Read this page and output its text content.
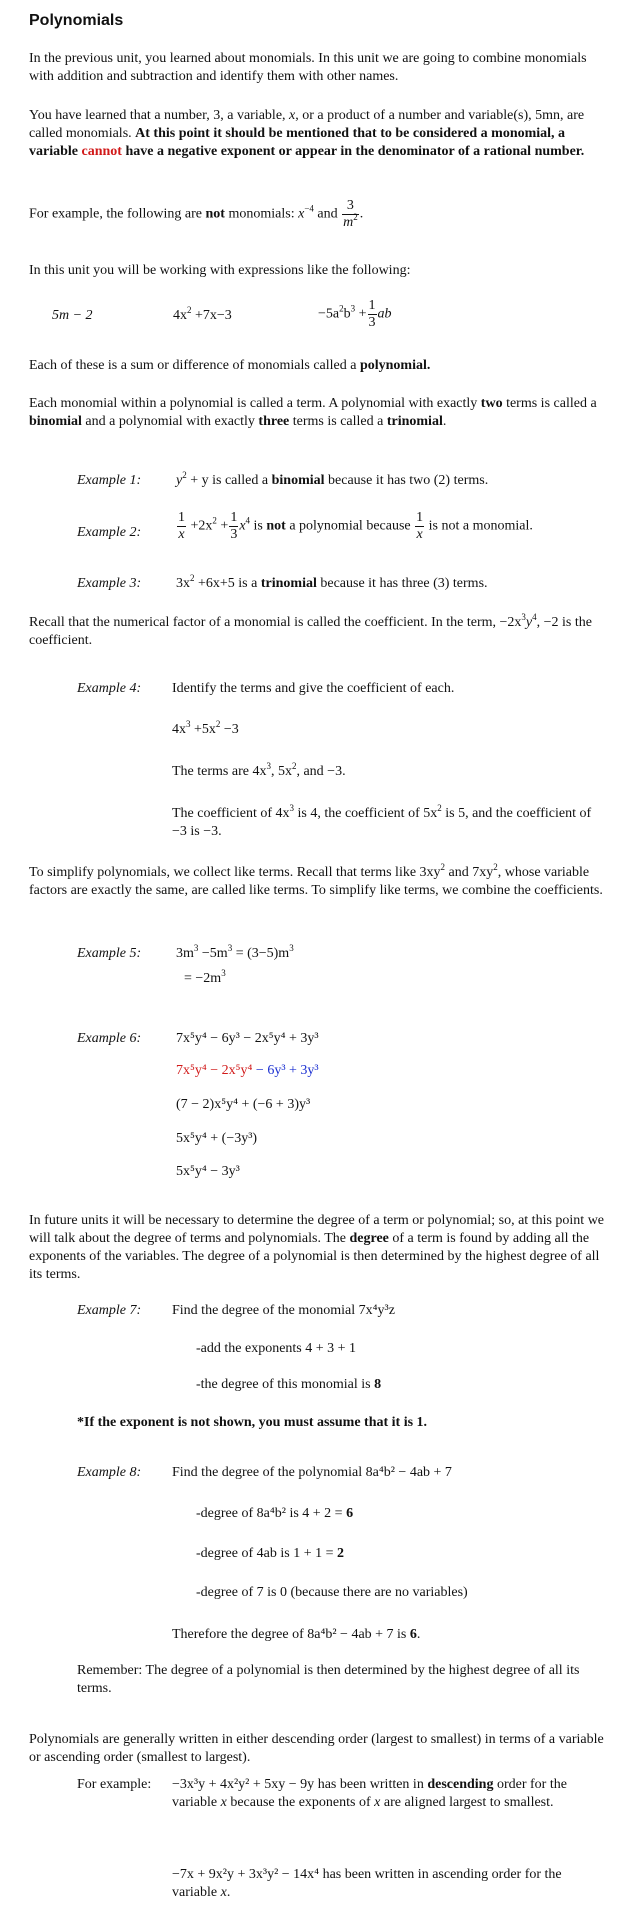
Polynomials
In the previous unit, you learned about monomials. In this unit we are going to combine monomials with addition and subtraction and identify them with other names.
You have learned that a number, 3, a variable, x, or a product of a number and variable(s), 5mn, are called monomials. At this point it should be mentioned that to be considered a monomial, a variable cannot have a negative exponent or appear in the denominator of a rational number.
For example, the following are not monomials: $x^{-4}$ and $\frac{3}{m^2}$ .
In this unit you will be working with expressions like the following:
5m − 2	$4x^2 +7x-3$	$-5a^2b^3 + \frac{1}{3}$ ab
Each of these is a sum or difference of monomials called a polynomial.
Each monomial within a polynomial is called a term. A polynomial with exactly two terms is called a binomial and a polynomial with exactly three terms is called a trinomial.
Example 1: $y^2 + y$ is called a binomial because it has two (2) terms.
Example 2:	$\frac{1}{x} +2x^2 + \frac{1}{3} x^4$ is not a polynomial because $\frac{1}{x}$ is not a monomial.
Example 3: $3x^2 +6x+5$ is a trinomial because it has three (3) terms.
Recall that the numerical factor of a monomial is called the coefficient. In the term, $-2x^3y^4$, −2 is the coefficient.
Example 4: Identify the terms and give the coefficient of each.
$4x^3 +5x^2 -3$
The terms are $4x^3$, $5x^2$, and −3.
The coefficient of $4x^3$ is 4, the coefficient of $5x^2$ is 5, and the coefficient of −3 is −3.
To simplify polynomials, we collect like terms. Recall that terms like $3xy^2$ and $7xy^2$, whose variable factors are exactly the same, are called like terms. To simplify like terms, we combine the coefficients.
Example 5: $3m^3 -5m^3 = (3-5)m^3$
= $-2m^3$
Example 6: 7x⁵y⁴ − 6y³ − 2x⁵y⁴ + 3y³
7x⁵y⁴ − 2x⁵y⁴ − 6y³ + 3y³
(7 − 2)x⁵y⁴ + (−6 + 3)y³
5x⁵y⁴ + (−3y³)
5x⁵y⁴ − 3y³
In future units it will be necessary to determine the degree of a term or polynomial; so, at this point we will talk about the degree of terms and polynomials. The degree of a term is found by adding all the exponents of the variables. The degree of a polynomial is then determined by the highest degree of all its terms.
Example 7: Find the degree of the monomial 7x⁴y³z
-add the exponents 4 + 3 + 1
-the degree of this monomial is 8
*If the exponent is not shown, you must assume that it is 1.
Example 8: Find the degree of the polynomial 8a⁴b² − 4ab + 7
-degree of 8a⁴b² is 4 + 2 = 6
-degree of 4ab is 1 + 1 = 2
-degree of 7 is 0 (because there are no variables)
Therefore the degree of 8a⁴b² − 4ab + 7 is 6.
Remember: The degree of a polynomial is then determined by the highest degree of all its terms.
Polynomials are generally written in either descending order (largest to smallest) in terms of a variable or ascending order (smallest to largest).
For example: −3x³y + 4x²y² + 5xy − 9y has been written in descending order for the variable x because the exponents of x are aligned largest to smallest.
−7x + 9x²y + 3x³y² − 14x⁴ has been written in ascending order for the variable x.
